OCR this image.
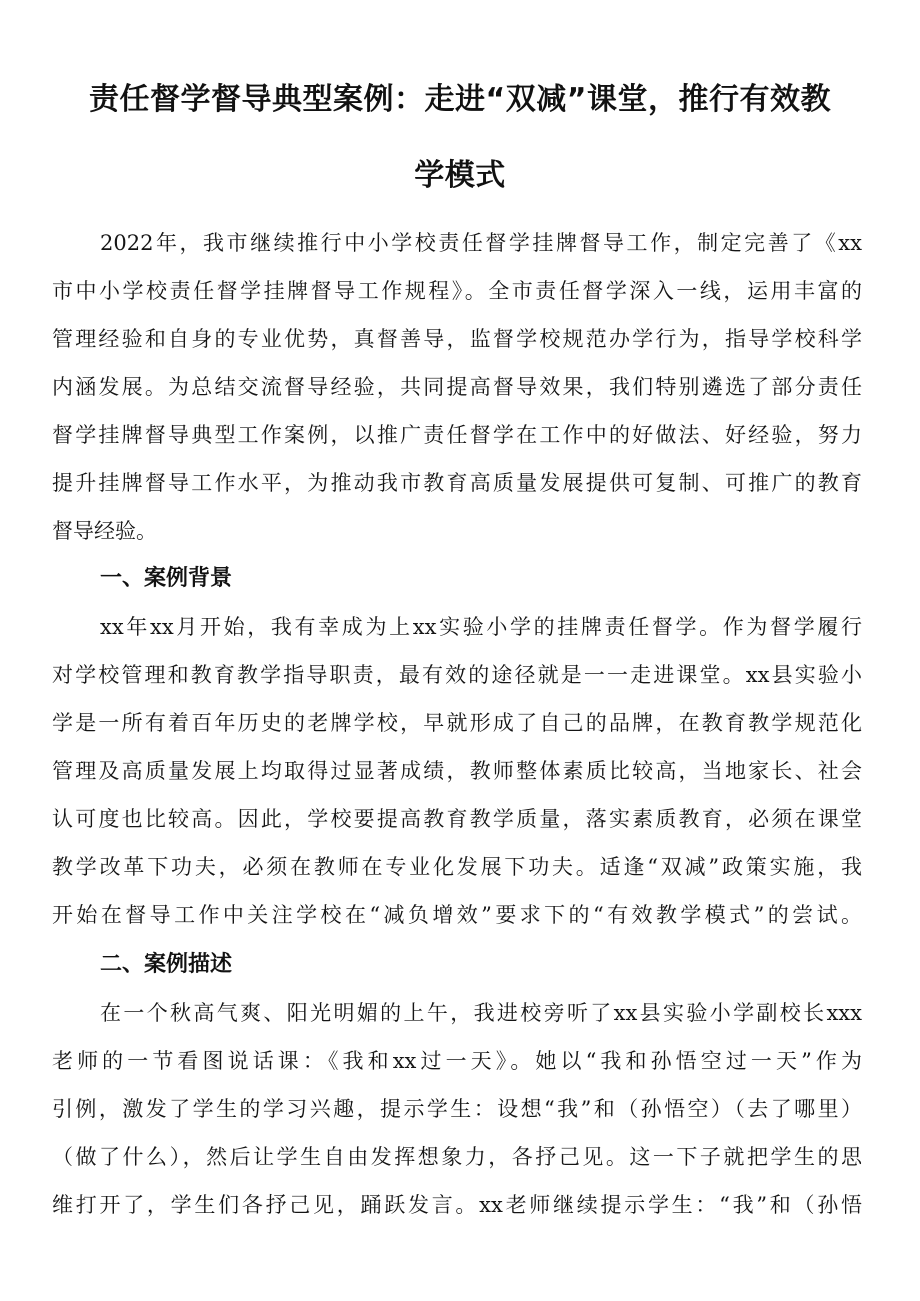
责任督学督导典型案例：走进“双减”课堂，推行有效教
学模式
2022年，我市继续推行中小学校责任督学挂牌督导工作，制定完善了《xx
市中小学校责任督学挂牌督导工作规程》。全市责任督学深入一线，运用丰富的
管理经验和自身的专业优势，真督善导，监督学校规范办学行为，指导学校科学
内涵发展。为总结交流督导经验，共同提高督导效果，我们特别遴选了部分责任
督学挂牌督导典型工作案例，以推广责任督学在工作中的好做法、好经验，努力
提升挂牌督导工作水平，为推动我市教育高质量发展提供可复制、可推广的教育
督导经验。
一、案例背景
xx年xx月开始，我有幸成为上xx实验小学的挂牌责任督学。作为督学履行
对学校管理和教育教学指导职责，最有效的途径就是一一走进课堂。xx县实验小
学是一所有着百年历史的老牌学校，早就形成了自己的品牌，在教育教学规范化
管理及高质量发展上均取得过显著成绩，教师整体素质比较高，当地家长、社会
认可度也比较高。因此，学校要提高教育教学质量，落实素质教育，必须在课堂
教学改革下功夫，必须在教师在专业化发展下功夫。适逢“双减”政策实施，我
开始在督导工作中关注学校在“减负增效”要求下的“有效教学模式”的尝试。
二、案例描述
在一个秋高气爽、阳光明媚的上午，我进校旁听了xx县实验小学副校长xxx
老师的一节看图说话课：《我和xx过一天》。她以“我和孙悟空过一天”作为
引例，激发了学生的学习兴趣，提示学生：设想“我”和（孙悟空）（去了哪里）
（做了什么），然后让学生自由发挥想象力，各抒己见。这一下子就把学生的思
维打开了，学生们各抒己见，踊跃发言。xx老师继续提示学生：“我”和（孙悟
